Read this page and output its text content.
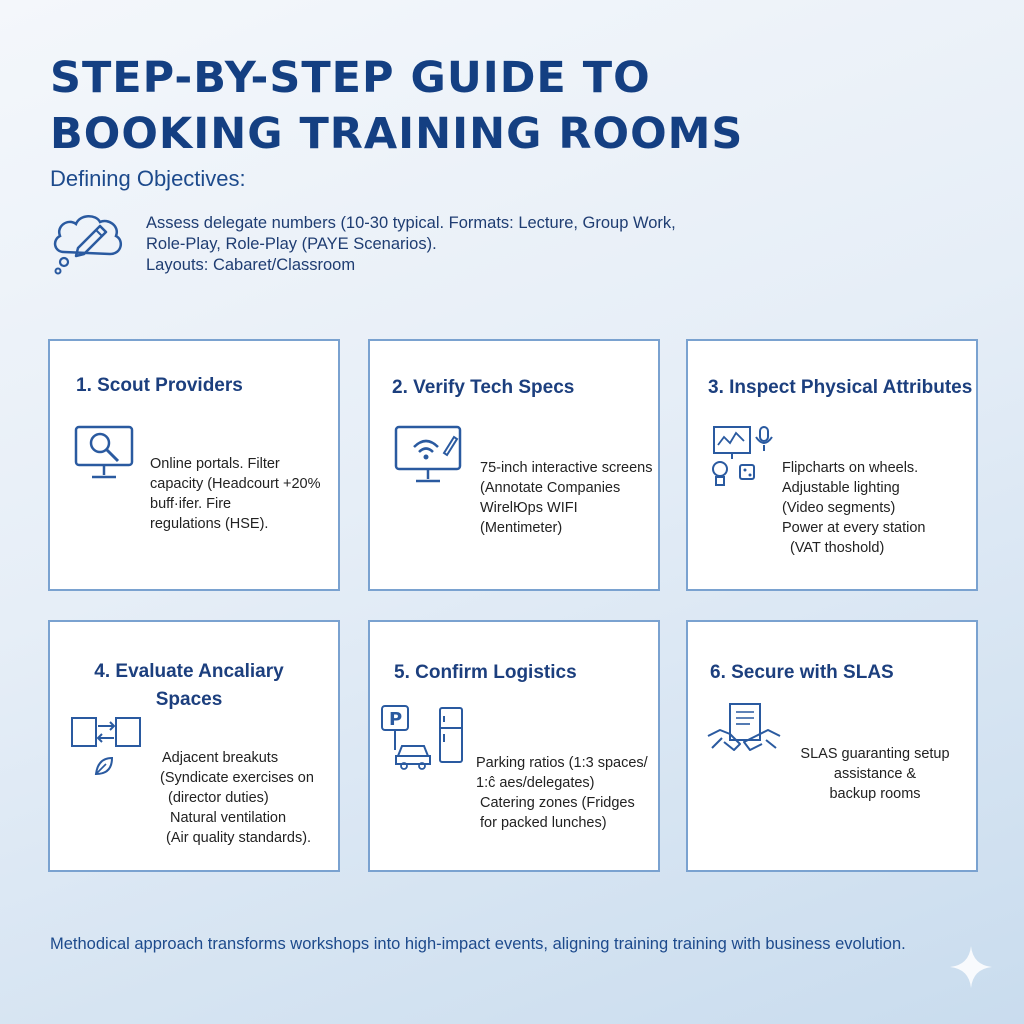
STEP-BY-STEP GUIDE TO
BOOKING TRAINING ROOMS
Defining Objectives:
Assess delegate numbers (10-30 typical. Formats: Lecture, Group Work,
Role-Play, Role-Play (PAYE Scenarios).
Layouts: Cabaret/Classroom
1. Scout Providers
Online portals. Filter
capacity (Headcourt +20%
buff·ifer. Fire
regulations (HSE).
2. Verify Tech Specs
75-inch interactive screens
(Annotate Companies
WirelЮps WIFI
(Mentimeter)
3. Inspect Physical Attributes
Flipcharts on wheels.
Adjustable lighting
(Video segments)
Power at every station
(VAT thoshold)
4. Evaluate Ancaliary
Spaces
Adjacent breakuts
(Syndicate exercises on
(director duties)
Natural ventilation
(Air quality standards).
5. Confirm Logistics
P
Parking ratios (1:3 spaces/
1:ĉ aes/delegates)
Catering zones (Fridges
for packed lunches)
6. Secure with SLAS
SLAS guaranting setup
assistance &
backup rooms
Methodical approach transforms workshops into high-impact events, aligning training training with business evolution.
